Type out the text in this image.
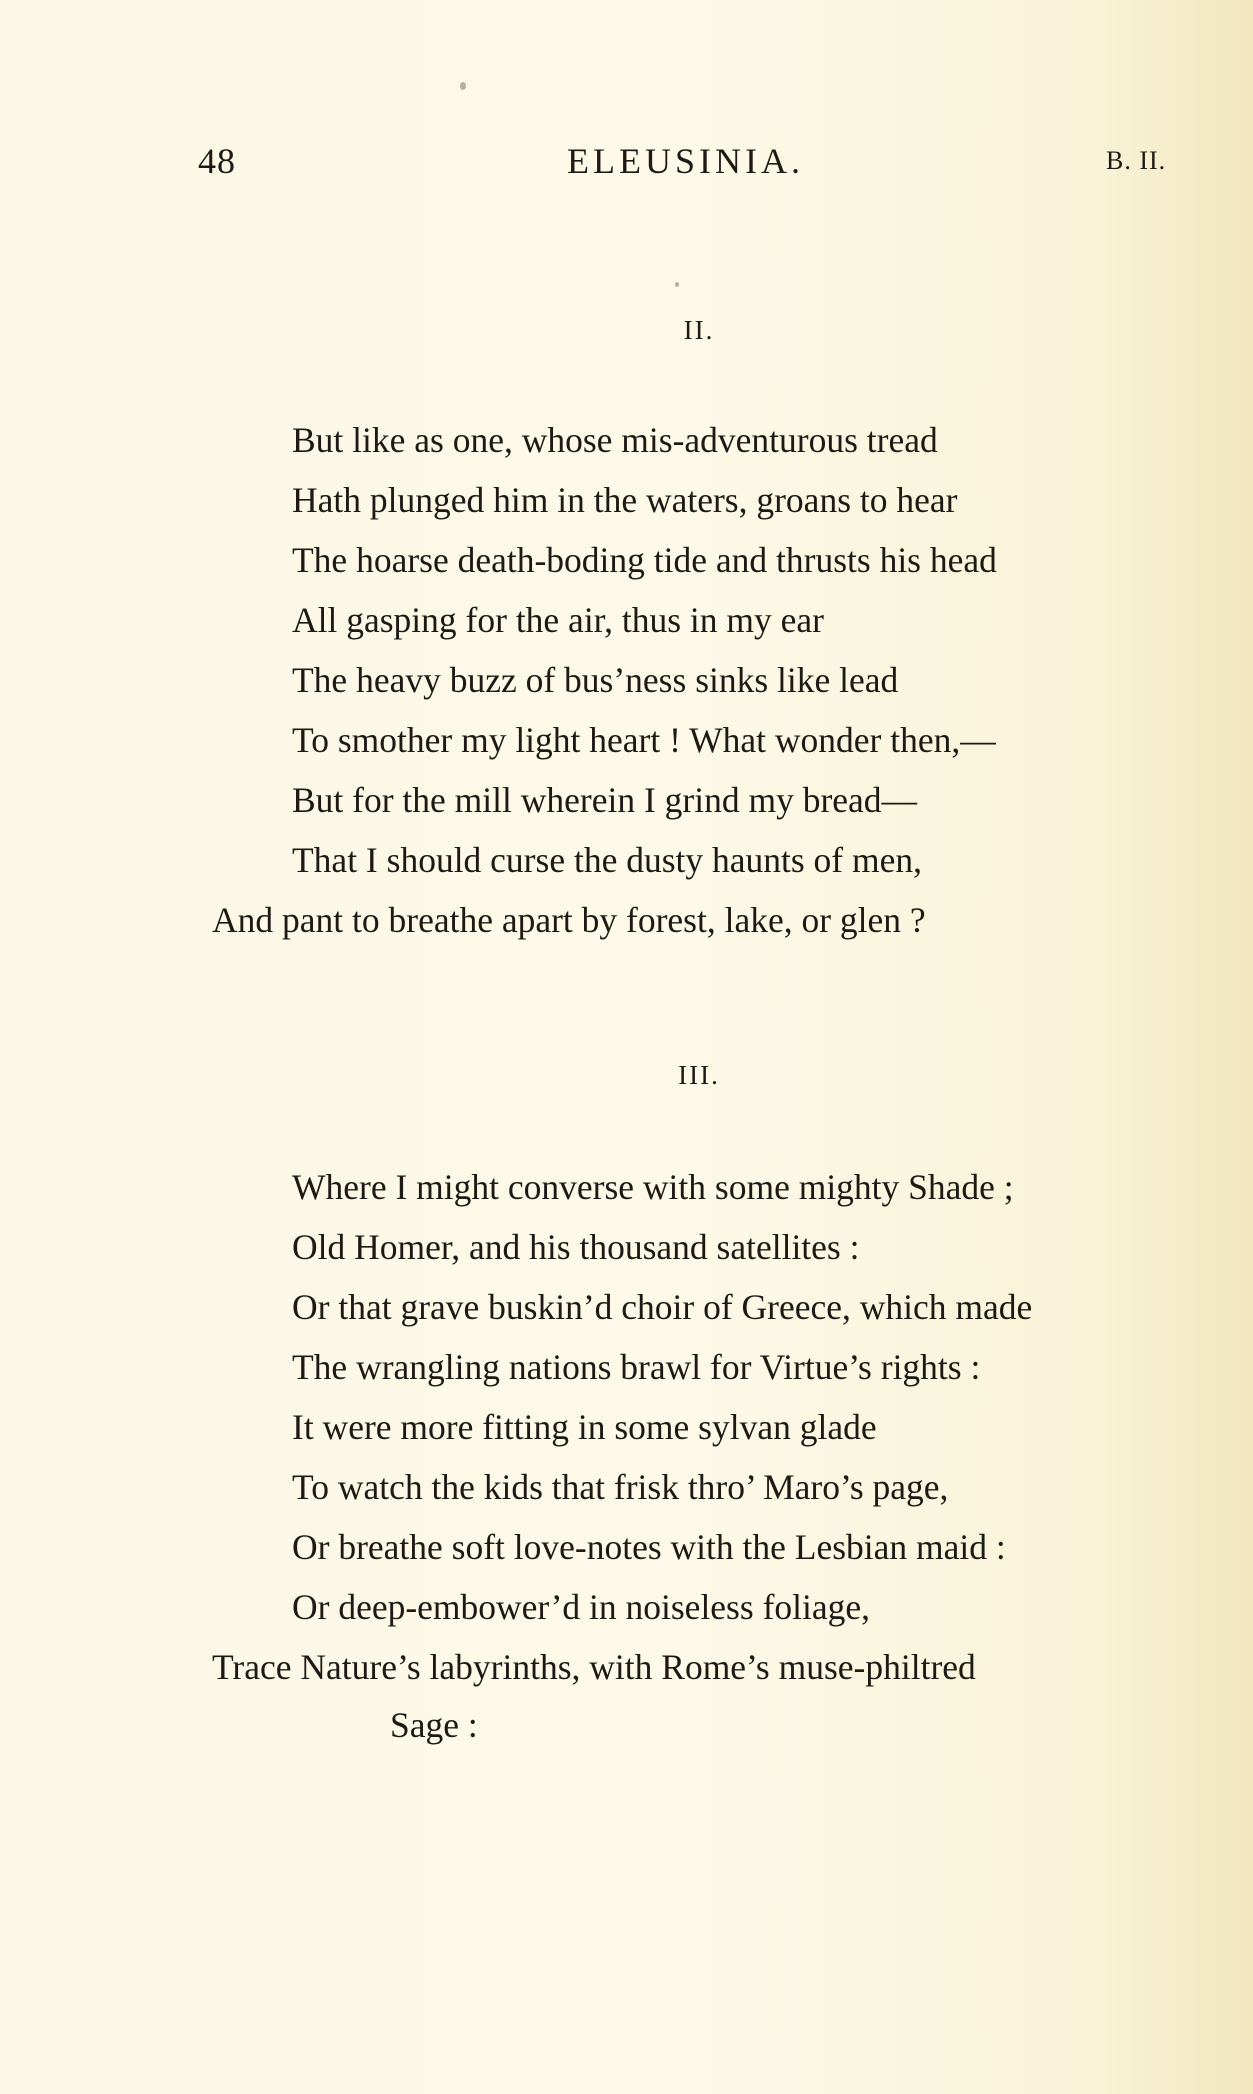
48	ELEUSINIA.	B. II.
II.
But like as one, whose mis-adventurous tread
Hath plunged him in the waters, groans to hear
The hoarse death-boding tide and thrusts his head
All gasping for the air, thus in my ear
The heavy buzz of bus’ness sinks like lead
To smother my light heart ! What wonder then,—
But for the mill wherein I grind my bread—
That I should curse the dusty haunts of men,
And pant to breathe apart by forest, lake, or glen ?
III.
Where I might converse with some mighty Shade ;
Old Homer, and his thousand satellites :
Or that grave buskin’d choir of Greece, which made
The wrangling nations brawl for Virtue’s rights :
It were more fitting in some sylvan glade
To watch the kids that frisk thro’ Maro’s page,
Or breathe soft love-notes with the Lesbian maid :
Or deep-embower’d in noiseless foliage,
Trace Nature’s labyrinths, with Rome’s muse-philtred
Sage :
